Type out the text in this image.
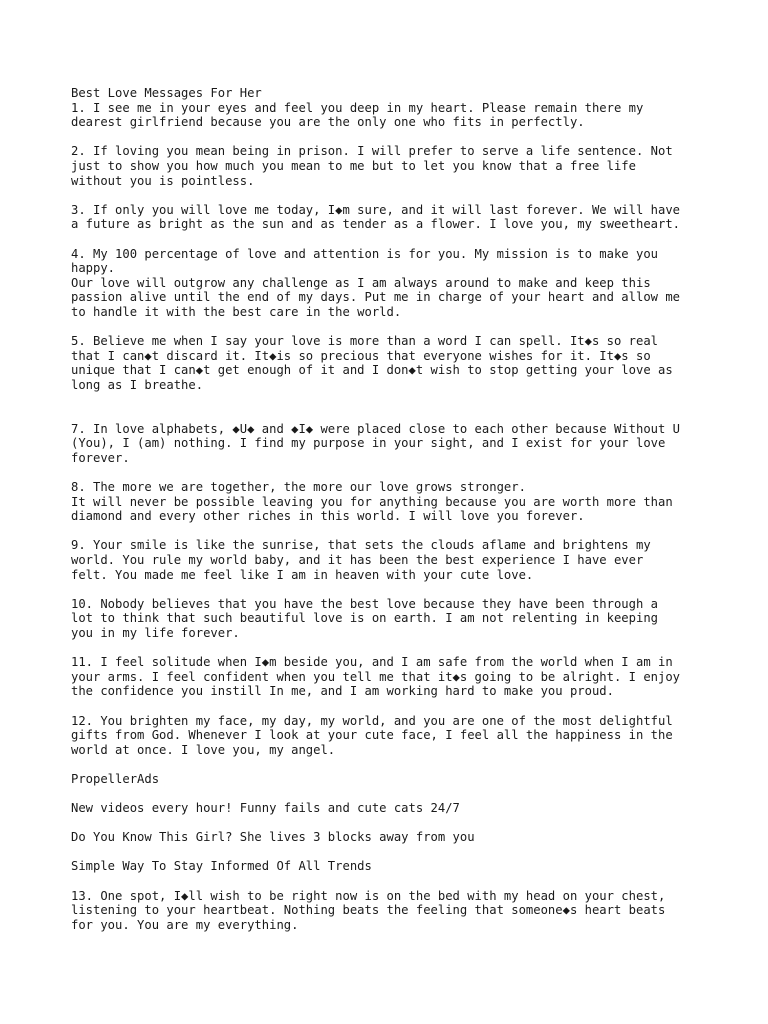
Best Love Messages For Her
1. I see me in your eyes and feel you deep in my heart. Please remain there my
dearest girlfriend because you are the only one who fits in perfectly.
2. If loving you mean being in prison. I will prefer to serve a life sentence. Not
just to show you how much you mean to me but to let you know that a free life
without you is pointless.
3. If only you will love me today, I◆m sure, and it will last forever. We will have
a future as bright as the sun and as tender as a flower. I love you, my sweetheart.
4. My 100 percentage of love and attention is for you. My mission is to make you
happy.
Our love will outgrow any challenge as I am always around to make and keep this
passion alive until the end of my days. Put me in charge of your heart and allow me
to handle it with the best care in the world.
5. Believe me when I say your love is more than a word I can spell. It◆s so real
that I can◆t discard it. It◆is so precious that everyone wishes for it. It◆s so
unique that I can◆t get enough of it and I don◆t wish to stop getting your love as
long as I breathe.
7. In love alphabets, ◆U◆ and ◆I◆ were placed close to each other because Without U
(You), I (am) nothing. I find my purpose in your sight, and I exist for your love
forever.
8. The more we are together, the more our love grows stronger.
It will never be possible leaving you for anything because you are worth more than
diamond and every other riches in this world. I will love you forever.
9. Your smile is like the sunrise, that sets the clouds aflame and brightens my
world. You rule my world baby, and it has been the best experience I have ever
felt. You made me feel like I am in heaven with your cute love.
10. Nobody believes that you have the best love because they have been through a
lot to think that such beautiful love is on earth. I am not relenting in keeping
you in my life forever.
11. I feel solitude when I◆m beside you, and I am safe from the world when I am in
your arms. I feel confident when you tell me that it◆s going to be alright. I enjoy
the confidence you instill In me, and I am working hard to make you proud.
12. You brighten my face, my day, my world, and you are one of the most delightful
gifts from God. Whenever I look at your cute face, I feel all the happiness in the
world at once. I love you, my angel.
PropellerAds
New videos every hour! Funny fails and cute cats 24/7
Do You Know This Girl? She lives 3 blocks away from you
Simple Way To Stay Informed Of All Trends
13. One spot, I◆ll wish to be right now is on the bed with my head on your chest,
listening to your heartbeat. Nothing beats the feeling that someone◆s heart beats
for you. You are my everything.
